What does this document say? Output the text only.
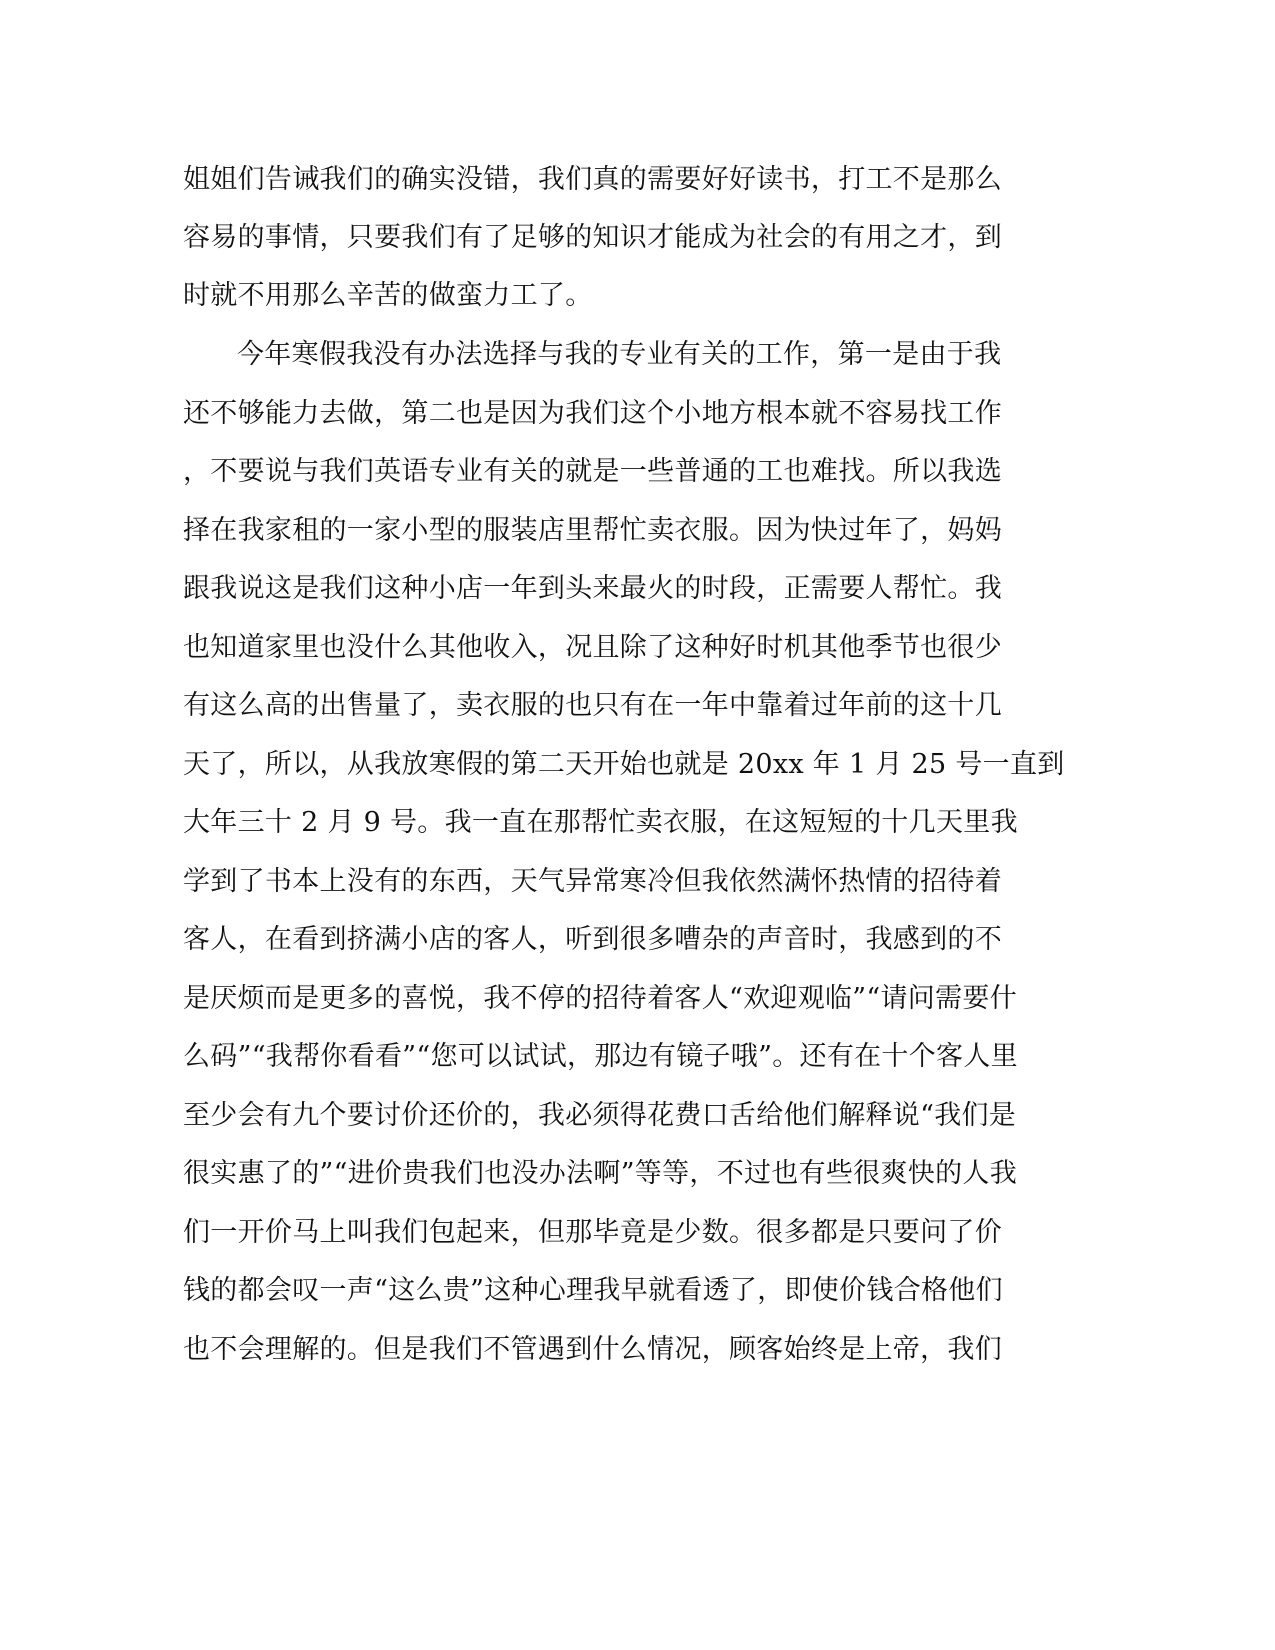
姐姐们告诫我们的确实没错，我们真的需要好好读书，打工不是那么
容易的事情，只要我们有了足够的知识才能成为社会的有用之才，到
时就不用那么辛苦的做蛮力工了。
今年寒假我没有办法选择与我的专业有关的工作，第一是由于我
还不够能力去做，第二也是因为我们这个小地方根本就不容易找工作
，不要说与我们英语专业有关的就是一些普通的工也难找。所以我选
择在我家租的一家小型的服装店里帮忙卖衣服。因为快过年了，妈妈
跟我说这是我们这种小店一年到头来最火的时段，正需要人帮忙。我
也知道家里也没什么其他收入，况且除了这种好时机其他季节也很少
有这么高的出售量了，卖衣服的也只有在一年中靠着过年前的这十几
天了，所以，从我放寒假的第二天开始也就是 20xx 年 1 月 25 号一直到
大年三十 2 月 9 号。我一直在那帮忙卖衣服，在这短短的十几天里我
学到了书本上没有的东西，天气异常寒冷但我依然满怀热情的招待着
客人，在看到挤满小店的客人，听到很多嘈杂的声音时，我感到的不
是厌烦而是更多的喜悦，我不停的招待着客人“欢迎观临”“请问需要什
么码”“我帮你看看”“您可以试试，那边有镜子哦”。还有在十个客人里
至少会有九个要讨价还价的，我必须得花费口舌给他们解释说“我们是
很实惠了的”“进价贵我们也没办法啊”等等，不过也有些很爽快的人我
们一开价马上叫我们包起来，但那毕竟是少数。很多都是只要问了价
钱的都会叹一声“这么贵”这种心理我早就看透了，即使价钱合格他们
也不会理解的。但是我们不管遇到什么情况，顾客始终是上帝，我们
